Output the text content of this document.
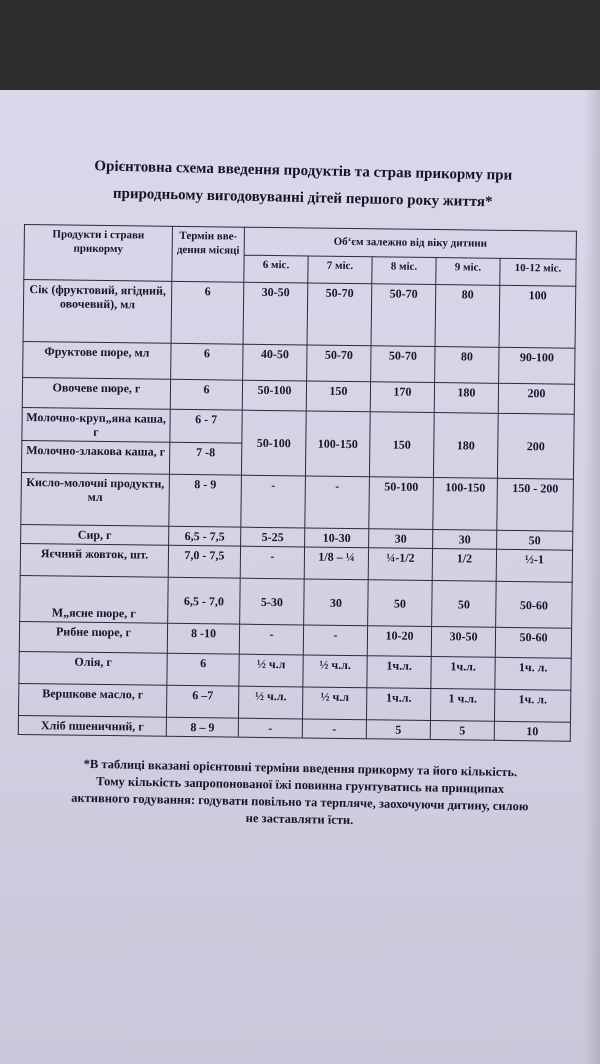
Орієнтовна схема введення продуктів та страв прикорму при
природньому вигодовуванні дітей першого року життя*
Продукти і страви прикорму	Термін вве-дення місяці	Об‘єм залежно від віку дитини				
		6 міс.	7 міс.	8 міс.	9 міс.	10-12 міс.
Сік (фруктовий, ягідний, овочевий), мл	6	30-50	50-70	50-70	80	100
Фруктове пюре, мл	6	40-50	50-70	50-70	80	90-100
Овочеве пюре, г	6	50-100	150	170	180	200
Молочно-круп„яна каша, г	6 - 7	50-100	100-150	150	180	200
Молочно-злакова каша, г	7 -8					
Кисло-молочні продукти, мл	8 - 9	-	-	50-100	100-150	150 - 200
Сир, г	6,5 - 7,5	5-25	10-30	30	30	50
Яєчний жовток, шт.	7,0 - 7,5	-	1/8 – ¼	¼-1/2	1/2	½-1
М„ясне пюре, г	6,5 - 7,0	5-30	30	50	50	50-60
Рибне пюре, г	8 -10	-	-	10-20	30-50	50-60
Олія, г	6	½ ч.л	½ ч.л.	1ч.л.	1ч.л.	1ч. л.
Вершкове масло, г	6 –7	½ ч.л.	½ ч.л	1ч.л.	1 ч.л.	1ч. л.
Хліб пшеничний, г	8 – 9	-	-	5	5	10
*В таблиці вказані орієнтовні терміни введення прикорму та його кількість.
Тому кількість запропонованої їжі повинна грунтуватись на принципах
активного годування: годувати повільно та терпляче, заохочуючи дитину, силою
не заставляти їсти.
